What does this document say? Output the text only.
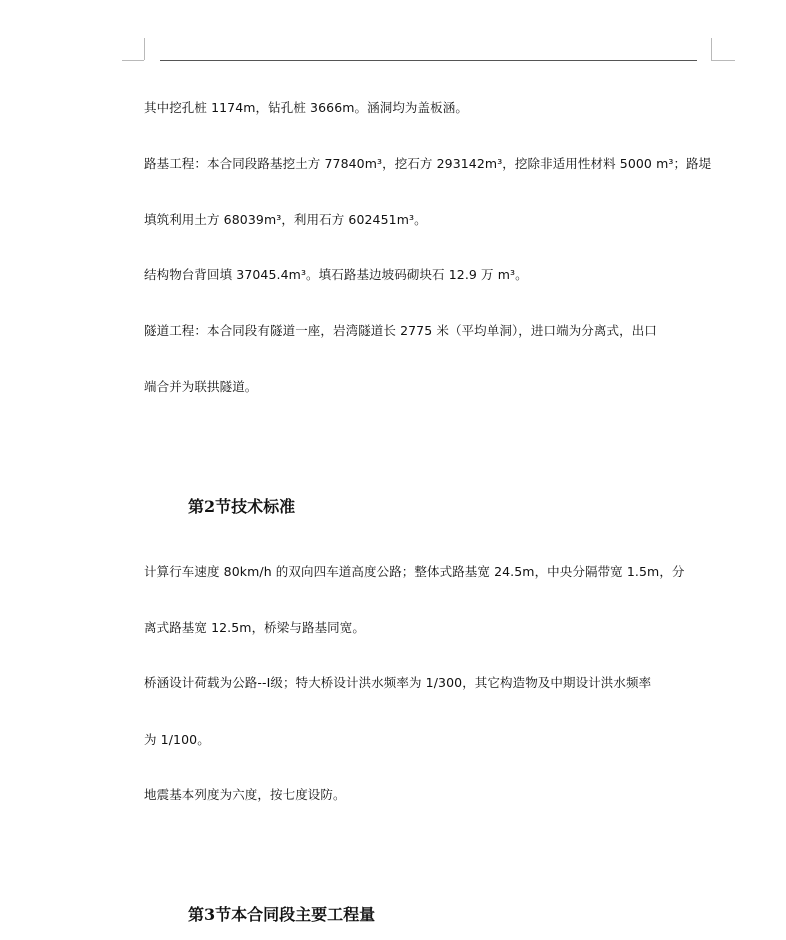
其中挖孔桩 1174m，钻孔桩 3666m。涵洞均为盖板涵。
路基工程：本合同段路基挖土方 77840m³，挖石方 293142m³，挖除非适用性材料 5000 m³；路堤
填筑利用土方 68039m³，利用石方 602451m³。
结构物台背回填 37045.4m³。填石路基边坡码砌块石 12.9 万 m³。
隧道工程：本合同段有隧道一座，岩湾隧道长 2775 米（平均单洞），进口端为分离式，出口
端合并为联拱隧道。
第2节技术标准
计算行车速度 80km/h 的双向四车道高度公路；整体式路基宽 24.5m，中央分隔带宽 1.5m，分
离式路基宽 12.5m，桥梁与路基同宽。
桥涵设计荷载为公路--Ⅰ级；特大桥设计洪水频率为 1/300，其它构造物及中期设计洪水频率
为 1/100。
地震基本列度为六度，按七度设防。
第3节本合同段主要工程量
